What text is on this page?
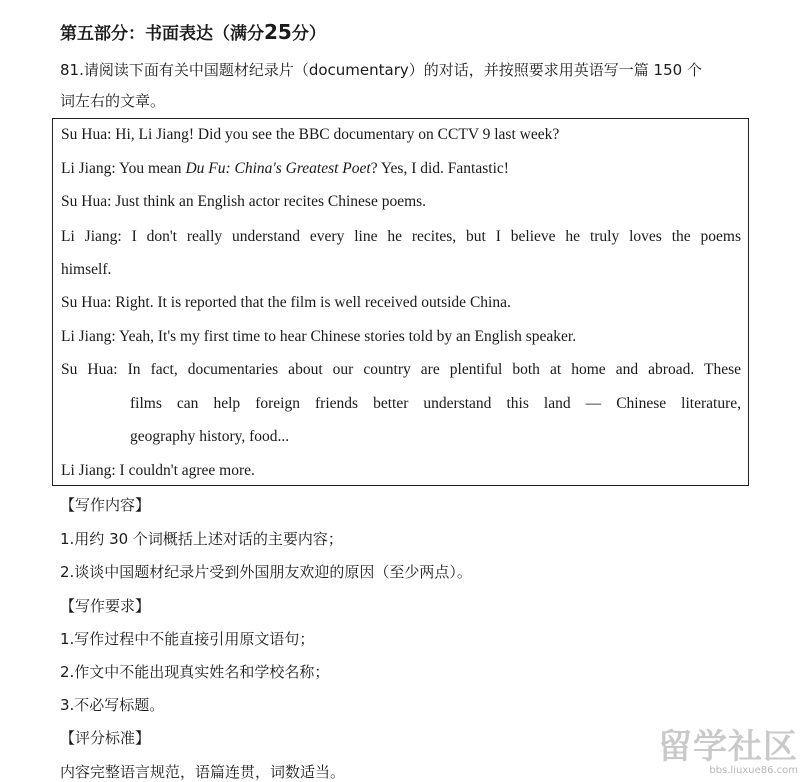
第五部分：书面表达（满分25分）
81.请阅读下面有关中国题材纪录片（documentary）的对话，并按照要求用英语写一篇 150 个
词左右的文章。
Su Hua: Hi, Li Jiang! Did you see the BBC documentary on CCTV 9 last week?
Li Jiang: You mean Du Fu: China's Greatest Poet? Yes, I did. Fantastic!
Su Hua: Just think an English actor recites Chinese poems.
Li Jiang: I don't really understand every line he recites, but I believe he truly loves the poems
himself.
Su Hua: Right. It is reported that the film is well received outside China.
Li Jiang: Yeah, It's my first time to hear Chinese stories told by an English speaker.
Su Hua: In fact, documentaries about our country are plentiful both at home and abroad. These
films can help foreign friends better understand this land — Chinese literature,
geography history, food...
Li Jiang: I couldn't agree more.
【写作内容】
1.用约 30 个词概括上述对话的主要内容；
2.谈谈中国题材纪录片受到外国朋友欢迎的原因（至少两点）。
【写作要求】
1.写作过程中不能直接引用原文语句；
2.作文中不能出现真实姓名和学校名称；
3.不必写标题。
【评分标准】
内容完整语言规范，语篇连贯，词数适当。
留学社区
bbs.liuxue86.com
